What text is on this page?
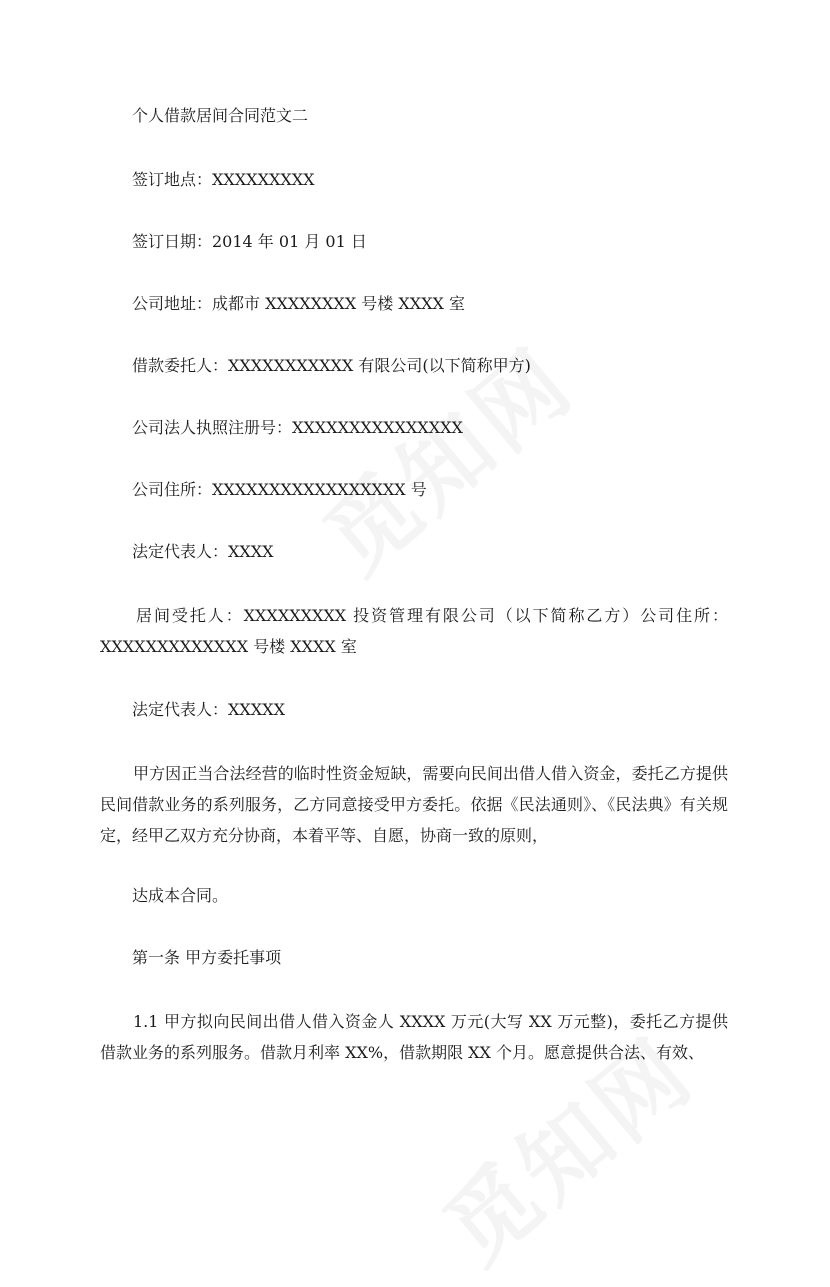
个人借款居间合同范文二
签订地点：XXXXXXXXX
签订日期：2014 年 01 月 01 日
公司地址：成都市 XXXXXXXX 号楼 XXXX 室
借款委托人：XXXXXXXXXXX 有限公司(以下简称甲方)
公司法人执照注册号：XXXXXXXXXXXXXXX
公司住所：XXXXXXXXXXXXXXXXX 号
法定代表人：XXXX
居间受托人：XXXXXXXXX 投资管理有限公司（以下简称乙方）公司住所：XXXXXXXXXXXXX 号楼 XXXX 室
法定代表人：XXXXX
甲方因正当合法经营的临时性资金短缺，需要向民间出借人借入资金，委托乙方提供民间借款业务的系列服务，乙方同意接受甲方委托。依据《民法通则》、《民法典》有关规定，经甲乙双方充分协商，本着平等、自愿，协商一致的原则，
达成本合同。
第一条 甲方委托事项
1.1 甲方拟向民间出借人借入资金人 XXXX 万元(大写 XX 万元整)，委托乙方提供借款业务的系列服务。借款月利率 XX%，借款期限 XX 个月。愿意提供合法、有效、
